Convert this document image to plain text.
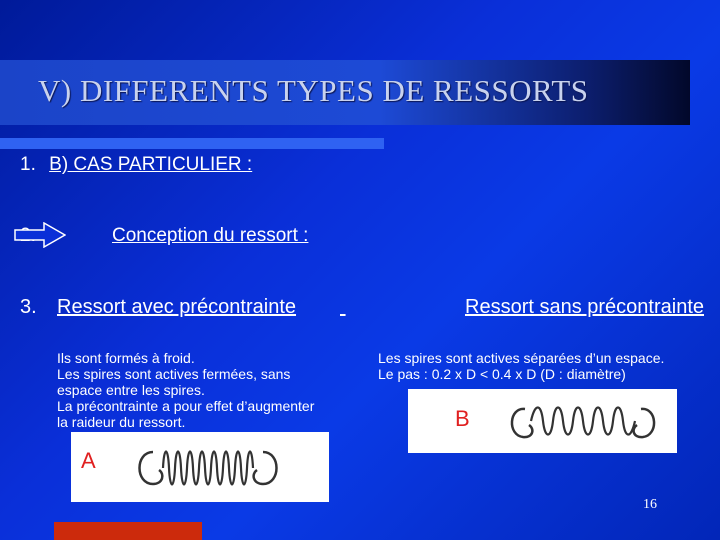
V) DIFFERENTS TYPES DE RESSORTS
1. B) CAS PARTICULIER :
Conception du ressort :
3. Ressort avec précontrainte
	Ressort sans précontrainte
Ils sont formés à froid.
Les spires sont actives fermées, sans
espace entre les spires.
La précontrainte a pour effet d’augmenter
la raideur du ressort.
Les spires sont actives séparées d’un espace.
Le pas : 0.2 x D < 0.4 x D (D : diamètre)
B
A
16
